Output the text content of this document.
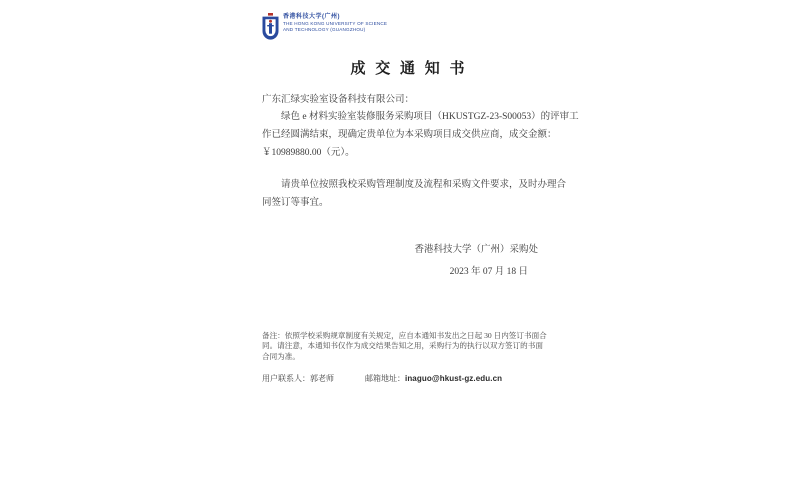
香港科技大学(广州)
THE HONG KONG UNIVERSITY OF SCIENCE
AND TECHNOLOGY (GUANGZHOU)
成 交 通 知 书
广东汇绿实验室设备科技有限公司：
绿色 e 材料实验室装修服务采购项目（HKUSTGZ-23-S00053）的评审工
作已经圆满结束，现确定贵单位为本采购项目成交供应商，成交金额：
￥10989880.00（元）。
请贵单位按照我校采购管理制度及流程和采购文件要求，及时办理合
同签订等事宜。
香港科技大学（广州）采购处
2023 年 07 月 18 日
备注：依照学校采购规章制度有关规定，应自本通知书发出之日起 30 日内签订书面合
同。请注意，本通知书仅作为成交结果告知之用，采购行为的执行以双方签订的书面
合同为准。
用户联系人：郭老师	邮箱地址：inaguo@hkust-gz.edu.cn
